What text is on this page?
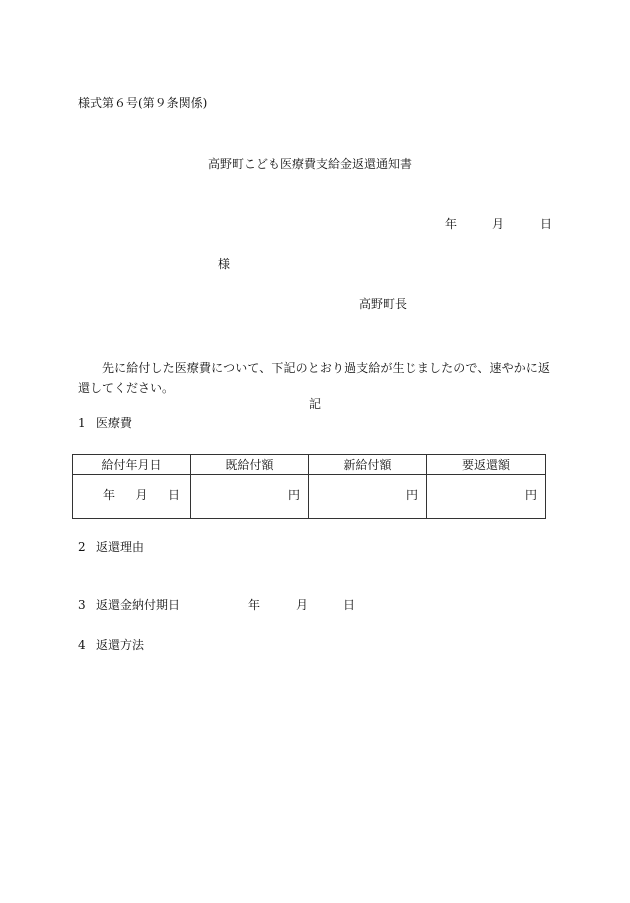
様式第６号(第９条関係)
高野町こども医療費支給金返還通知書
年	月	日
様
高野町長
先に給付した医療費について、下記のとおり過支給が生じましたので、速やかに返還してください。
記
1 医療費
給付年月日	既給付額	新給付額	要返還額

年 月 日	円	円	円
2 返還理由
3 返還金納付期日	年	月	日
4 返還方法
